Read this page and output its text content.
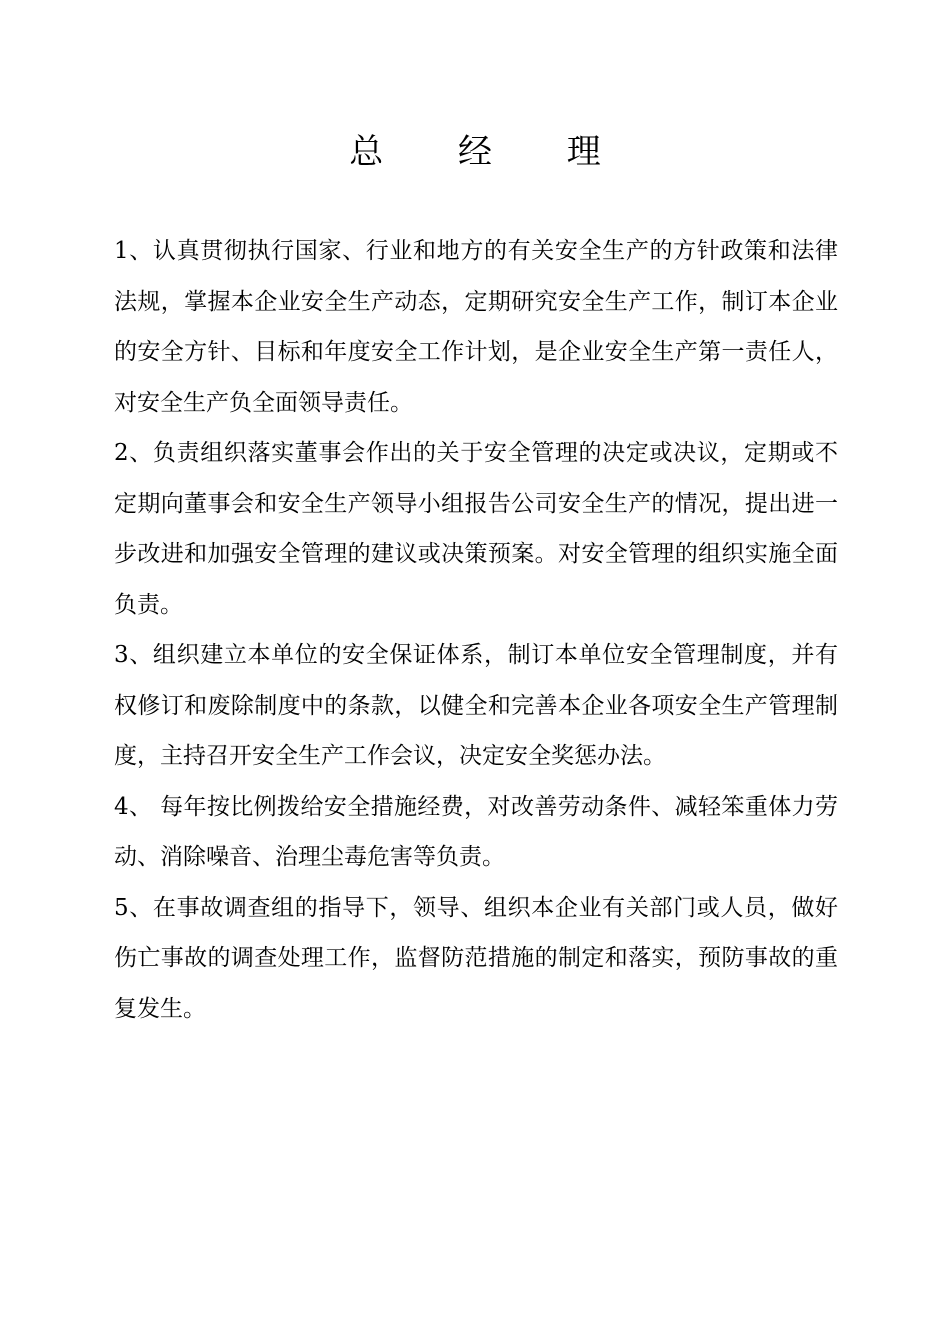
总 经 理

1、认真贯彻执行国家、行业和地方的有关安全生产的方针政策和法律法规，掌握本企业安全生产动态，定期研究安全生产工作，制订本企业的安全方针、目标和年度安全工作计划，是企业安全生产第一责任人，对安全生产负全面领导责任。

2、负责组织落实董事会作出的关于安全管理的决定或决议，定期或不定期向董事会和安全生产领导小组报告公司安全生产的情况，提出进一步改进和加强安全管理的建议或决策预案。对安全管理的组织实施全面负责。

3、组织建立本单位的安全保证体系，制订本单位安全管理制度，并有权修订和废除制度中的条款，以健全和完善本企业各项安全生产管理制度，主持召开安全生产工作会议，决定安全奖惩办法。

4、 每年按比例拨给安全措施经费，对改善劳动条件、减轻笨重体力劳动、消除噪音、治理尘毒危害等负责。

5、在事故调查组的指导下，领导、组织本企业有关部门或人员，做好伤亡事故的调查处理工作，监督防范措施的制定和落实，预防事故的重复发生。
